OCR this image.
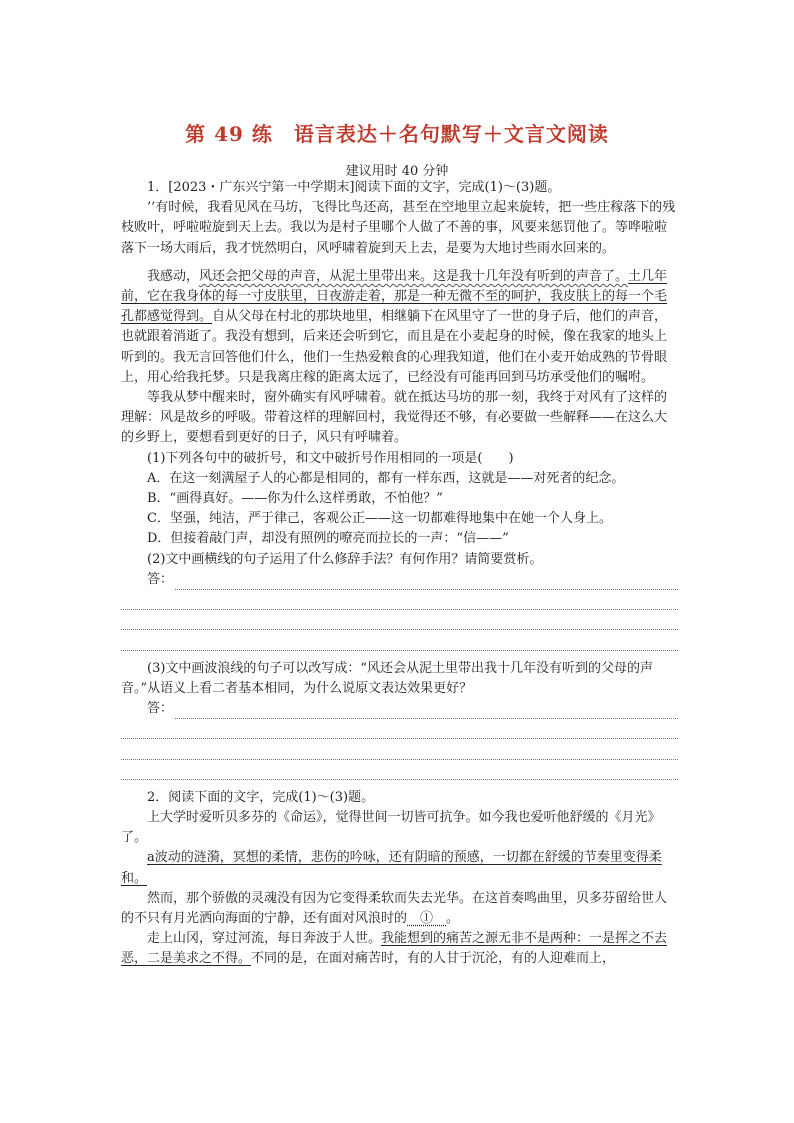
第 49 练　语言表达＋名句默写＋文言文阅读
建议用时 40 分钟

1．[2023・广东兴宁第一中学期末]阅读下面的文字，完成(1)～(3)题。

’’有时候，我看见风在马坊，飞得比鸟还高，甚至在空地里立起来旋转，把一些庄稼落下的残枝败叶，呼啦啦旋到天上去。我以为是村子里哪个人做了不善的事，风要来惩罚他了。等哗啦啦落下一场大雨后，我才恍然明白，风呼啸着旋到天上去，是要为大地讨些雨水回来的。

我感动，风还会把父母的声音，从泥土里带出来。这是我十几年没有听到的声音了。土几年前，它在我身体的每一寸皮肤里，日夜游走着，那是一种无微不至的呵护，我皮肤上的每一个毛孔都感觉得到。自从父母在村北的那块地里，相继躺下在风里守了一世的身子后，他们的声音，也就跟着消逝了。我没有想到，后来还会听到它，而且是在小麦起身的时候，像在我家的地头上听到的。我无言回答他们什么，他们一生热爱粮食的心理我知道，他们在小麦开始成熟的节骨眼上，用心给我托梦。只是我离庄稼的距离太远了，已经没有可能再回到马坊承受他们的嘱咐。

等我从梦中醒来时，窗外确实有风呼啸着。就在抵达马坊的那一刻，我终于对风有了这样的理解：风是故乡的呼吸。带着这样的理解回村，我觉得还不够，有必要做一些解释——在这么大的乡野上，要想看到更好的日子，风只有呼啸着。

(1)下列各句中的破折号，和文中破折号作用相同的一项是(　　)

A．在这一刻满屋子人的心都是相同的，都有一样东西，这就是——对死者的纪念。

B．“画得真好。——你为什么这样勇敢，不怕他？”

C．坚强，纯洁，严于律己，客观公正——这一切都难得地集中在她一个人身上。

D．但接着敲门声，却没有照例的嘹亮而拉长的一声：“信——”

(2)文中画横线的句子运用了什么修辞手法？有何作用？请简要赏析。

答：

(3)文中画波浪线的句子可以改写成：“风还会从泥土里带出我十几年没有听到的父母的声音。”从语义上看二者基本相同，为什么说原文表达效果更好？

答：

2．阅读下面的文字，完成(1)～(3)题。

上大学时爱听贝多芬的《命运》，觉得世间一切皆可抗争。如今我也爱听他舒缓的《月光》了。

a波动的涟漪，冥想的柔情，悲伤的吟咏，还有阴暗的预感，一切都在舒缓的节奏里变得柔和。

然而，那个骄傲的灵魂没有因为它变得柔软而失去光华。在这首奏鸣曲里，贝多芬留给世人的不只有月光洒向海面的宁静，还有面对风浪时的　①　。

走上山冈，穿过河流，每日奔波于人世。我能想到的痛苦之源无非不是两种：一是挥之不去恶，二是美求之不得。不同的是，在面对痛苦时，有的人甘于沉沦，有的人迎难而上，
